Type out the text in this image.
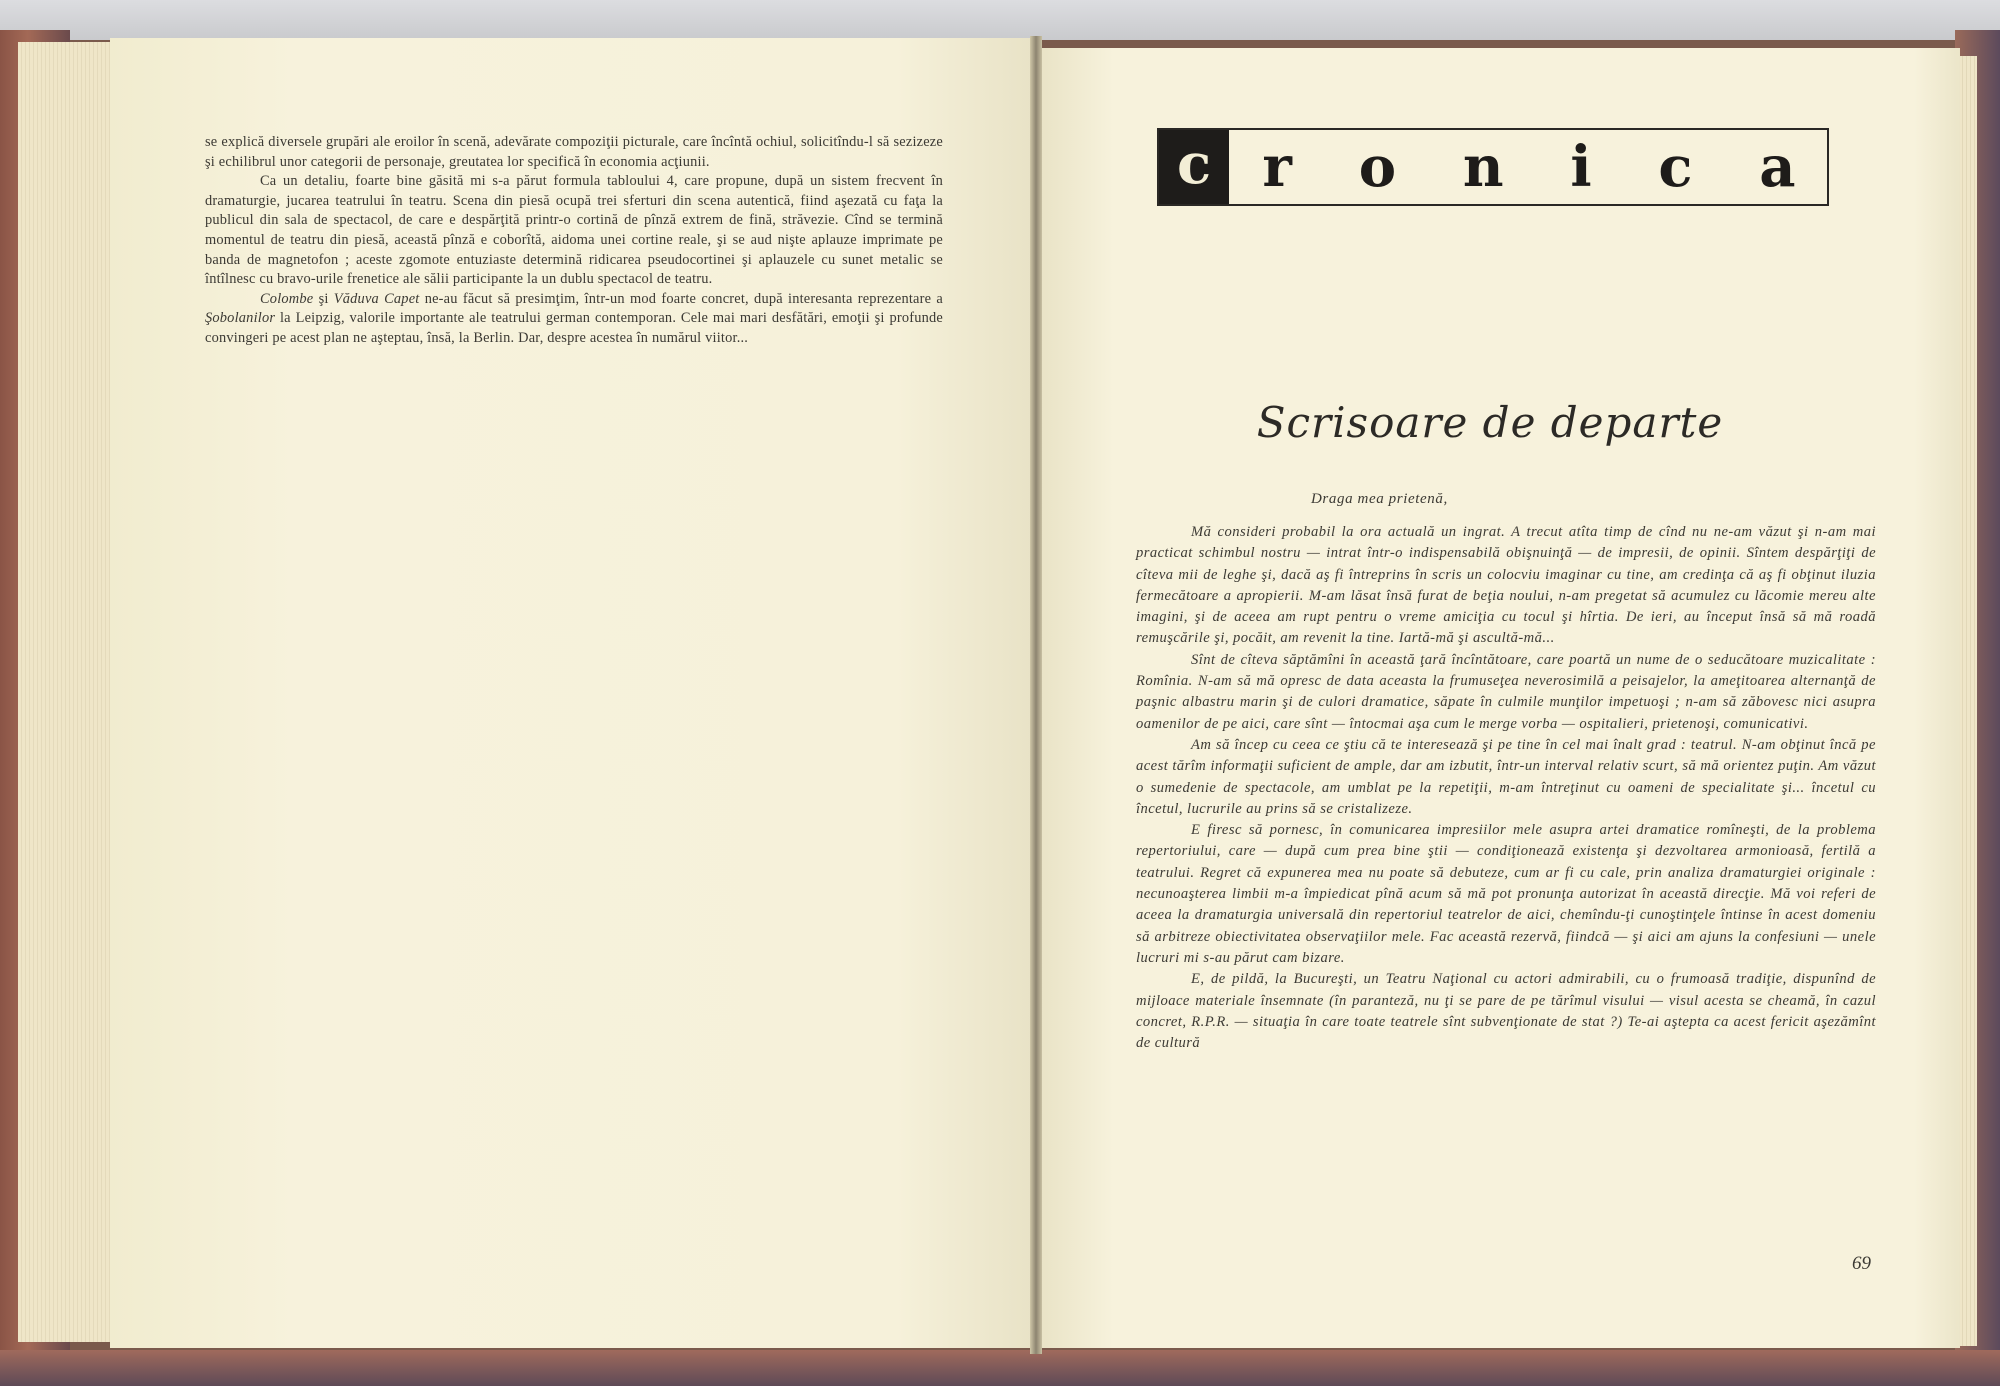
se explică diversele grupări ale eroilor în scenă, adevărate compoziţii picturale, care încîntă ochiul, solicitîndu-l să sezizeze şi echilibrul unor categorii de personaje, greutatea lor specifică în economia acţiunii.

Ca un detaliu, foarte bine găsită mi s-a părut formula tabloului 4, care propune, după un sistem frecvent în dramaturgie, jucarea teatrului în teatru. Scena din piesă ocupă trei sferturi din scena autentică, fiind aşezată cu faţa la publicul din sala de spectacol, de care e despărţită printr-o cortină de pînză extrem de fină, străvezie. Cînd se termină momentul de teatru din piesă, această pînză e coborîtă, aidoma unei cortine reale, şi se aud nişte aplauze imprimate pe banda de magnetofon ; aceste zgomote entuziaste determină ridicarea pseudocortinei şi aplauzele cu sunet metalic se întîlnesc cu bravo-urile frenetice ale sălii participante la un dublu spectacol de teatru.

Colombe şi Văduva Capet ne-au făcut să presimţim, într-un mod foarte concret, după interesanta reprezentare a Şobolanilor la Leipzig, valorile importante ale teatrului german contemporan. Cele mai mari desfătări, emoţii şi profunde convingeri pe acest plan ne aşteptau, însă, la Berlin. Dar, despre acestea în numărul viitor...

c r o n i c a
Scrisoare de departe
Draga mea prietenă,

Mă consideri probabil la ora actuală un ingrat. A trecut atîta timp de cînd nu ne-am văzut şi n-am mai practicat schimbul nostru — intrat într-o indispensabilă obişnuinţă — de impresii, de opinii. Sîntem despărţiţi de cîteva mii de leghe şi, dacă aş fi întreprins în scris un colocviu imaginar cu tine, am credinţa că aş fi obţinut iluzia fermecătoare a apropierii. M-am lăsat însă furat de beţia noului, n-am pregetat să acumulez cu lăcomie mereu alte imagini, şi de aceea am rupt pentru o vreme amiciţia cu tocul şi hîrtia. De ieri, au început însă să mă roadă remuşcările şi, pocăit, am revenit la tine. Iartă-mă şi ascultă-mă...

Sînt de cîteva săptămîni în această ţară încîntătoare, care poartă un nume de o seducătoare muzicalitate : Romînia. N-am să mă opresc de data aceasta la frumuseţea neverosimilă a peisajelor, la ameţitoarea alternanţă de paşnic albastru marin şi de culori dramatice, săpate în culmile munţilor impetuoşi ; n-am să zăbovesc nici asupra oamenilor de pe aici, care sînt — întocmai aşa cum le merge vorba — ospitalieri, prietenoşi, comunicativi.

Am să încep cu ceea ce ştiu că te interesează şi pe tine în cel mai înalt grad : teatrul. N-am obţinut încă pe acest tărîm informaţii suficient de ample, dar am izbutit, într-un interval relativ scurt, să mă orientez puţin. Am văzut o sumedenie de spectacole, am umblat pe la repetiţii, m-am întreţinut cu oameni de specialitate şi... încetul cu încetul, lucrurile au prins să se cristalizeze.

E firesc să pornesc, în comunicarea impresiilor mele asupra artei dramatice romîneşti, de la problema repertoriului, care — după cum prea bine ştii — condiţionează existenţa şi dezvoltarea armonioasă, fertilă a teatrului. Regret că expunerea mea nu poate să debuteze, cum ar fi cu cale, prin analiza dramaturgiei originale : necunoaşterea limbii m-a împiedicat pînă acum să mă pot pronunţa autorizat în această direcţie. Mă voi referi de aceea la dramaturgia universală din repertoriul teatrelor de aici, chemîndu-ţi cunoştinţele întinse în acest domeniu să arbitreze obiectivitatea observaţiilor mele. Fac această rezervă, fiindcă — şi aici am ajuns la confesiuni — unele lucruri mi s-au părut cam bizare.

E, de pildă, la Bucureşti, un Teatru Naţional cu actori admirabili, cu o frumoasă tradiţie, dispunînd de mijloace materiale însemnate (în paranteză, nu ţi se pare de pe tărîmul visului — visul acesta se cheamă, în cazul concret, R.P.R. — situaţia în care toate teatrele sînt subvenţionate de stat ?) Te-ai aştepta ca acest fericit aşezămînt de cultură

69
